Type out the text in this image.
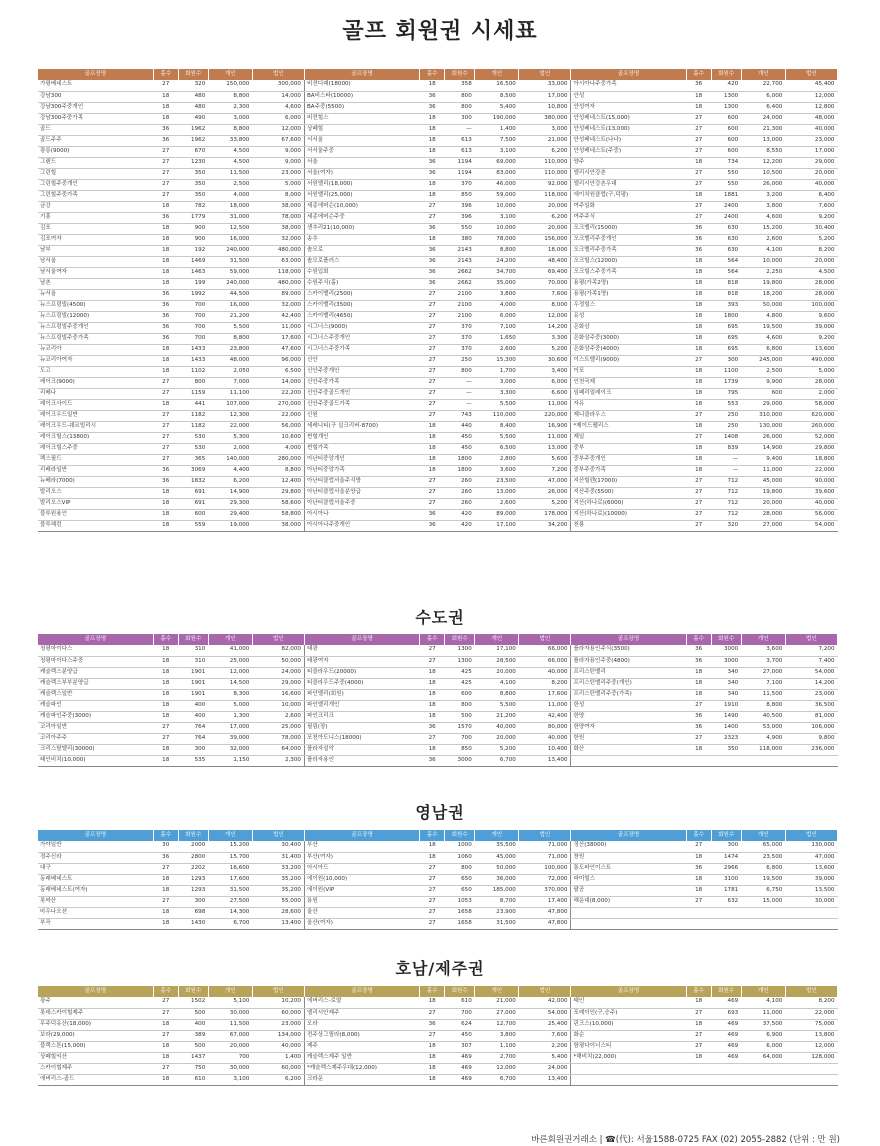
골프 회원권 시세표
골프장명	홀수	회원수	개인	법인	골프장명	홀수	회원수	개인	법인	골프장명	홀수	회원수	개인	법인
가평베네스트	27	320	150,000	300,000	비젼디래(18000)	18	358	16,500	33,000	아시아나주중가족	36	420	22,700	45,400
강남300	18	480	8,800	14,000	BA비스타(10000)	36	800	8,500	17,000	안성	18	1300	6,000	12,000
강남300주중개인	18	480	2,300	4,600	BA주중(5500)	36	800	5,400	10,800	안성여자	18	1300	6,400	12,800
강남300주중가족	18	490	3,000	6,000	비전힐스	18	300	190,000	380,000	안성베네스트(15,000)	27	600	24,000	48,000
골드	36	1962	8,800	12,000	상떼힐	18	—	1,400	3,000	안성베네스트(13,000)	27	600	21,300	40,000
골드주주	36	1962	33,800	67,600	서서울	18	613	7,500	21,000	안성베네스트(나나)	27	600	13,000	23,000
광릉(9000)	27	670	4,500	9,000	서서울주중	18	613	3,100	6,200	안성베네스트(주중)	27	600	8,550	17,000
그랜드	27	1230	4,500	9,000	서울	36	1194	69,000	110,000	양주	18	734	12,200	29,000
그린힐	27	350	11,500	23,000	서울(여자)	36	1194	83,000	110,000	엘리시안강촌	27	550	10,500	20,000
그린힐주중개인	27	350	2,500	5,000	서원밸리(18,000)	18	370	46,000	92,000	엘리시안강촌우대	27	550	26,000	40,000
그린힐주중가족	27	350	4,000	8,000	서원밸리(25,000)	18	850	59,000	118,000	에이치원클럽(구,덕평)	18	1881	3,200	6,400
금강	18	782	18,000	38,000	세종에머슨(10,000)	27	396	10,000	20,000	여주일화	27	2400	3,800	7,600
기흥	36	1779	31,000	78,000	세종에머슨주중	27	396	3,100	6,200	여주주식	27	2400	4,600	9,200
김포	18	900	12,500	38,000	센추리21(10,000)	36	550	10,000	20,000	오크밸리(15000)	36	630	15,200	30,400
김포여자	18	900	16,000	32,000	송추	18	380	78,000	156,000	오크밸리주중개인	36	630	2,600	5,200
남부	18	192	240,000	480,000	솔모로	36	2143	8,800	18,000	오크밸리주중가족	36	630	4,100	8,200
남서울	18	1469	31,500	63,000	솔모로플러스	36	2143	24,200	48,400	오크힐스(12000)	18	564	10,000	20,000
남서울여자	18	1463	59,000	118,000	수원입회	36	2662	34,700	69,400	오크힐스주중가족	18	564	2,250	4,500
남촌	18	199	240,000	480,000	수원주식(홀)	36	2662	35,000	70,000	용평(가족2명)	18	818	19,800	28,000
뉴서울	36	1992	44,500	89,000	스카이밸리(2500)	27	2100	3,800	7,600	용평(가족1명)	18	818	18,200	28,000
뉴스프링빌(4500)	36	700	16,000	32,000	스카이밸리(3500)	27	2100	4,000	8,000	우정힐스	18	393	50,000	100,000
뉴스프링빌(12000)	36	700	21,200	42,400	스카이밸리(4650)	27	2100	6,000	12,000	유성	18	1800	4,800	9,600
뉴스프링빌주중개인	36	700	5,500	11,000	시그너스(9000)	27	370	7,100	14,200	은화삼	18	695	19,500	39,000
뉴스프링빌주중가족	36	700	8,800	17,600	시그너스주중개인	27	370	1,650	3,300	은화삼주중(3000)	18	695	4,600	9,200
뉴코리아	18	1433	23,800	47,600	시그너스주중가족	27	370	2,600	5,200	은화삼주중(4000)	18	695	6,800	13,600
뉴코리아여자	18	1433	48,000	96,000	신안	27	250	15,300	30,600	이스트밸리(9000)	27	300	245,000	490,000
도고	18	1102	2,050	6,500	신안주중개인	27	800	1,700	3,400	이포	18	1100	2,500	5,000
레이크(9000)	27	800	7,000	14,000	신안주중가족	27	—	3,000	6,000	인천국제	18	1739	9,900	28,000
리베나	27	1159	11,100	22,200	신안주중골드개인	27	—	3,300	6,600	임페리얼레이크	18	795	600	2,000
레이크사이드	18	441	107,000	270,000	신안주중골드가족	27	—	5,500	11,000	자유	18	553	29,000	58,000
레이크우드일반	27	1182	12,300	22,000	신원	27	743	110,000	220,000	제니클라우스	27	250	310,000	620,000
레이크우드-쉐르빌리시	27	1182	22,000	56,000	세레니티(구 실크리버-8700)	18	440	8,400	16,900	*제이드팰리스	18	250	130,000	260,000
레이크힐스(13800)	27	530	5,300	10,600	썬힐개인	18	450	5,500	11,000	제일	27	1408	26,000	52,000
레이크힐스주중	27	530	2,000	4,000	썬힐가족	18	450	6,500	13,000	중부	18	839	14,900	29,800
렉스필드	27	365	140,000	280,000	아난티중앙개인	18	1800	2,800	5,600	중부주중개인	18	—	9,400	18,800
리베라일반	36	3069	4,400	8,800	아난티중앙가족	18	1800	3,600	7,200	중부주중가족	18	—	11,000	22,000
뉴베라(7000)	36	1832	6,200	12,400	아난티클럽서울주식방	27	260	23,500	47,000	지산힐렌(17000)	27	712	45,000	90,000
발리오스	18	691	14,900	29,800	아난티클럽서울분양급	27	260	13,000	26,000	지산주중(5500)	27	712	19,800	39,600
발리오스VIP	18	691	29,300	58,600	아난티클럽서울주중	27	260	2,600	5,200	지산(하나로)(6000)	27	712	20,000	40,000
블루원용인	18	600	29,400	58,800	아시아나	36	420	89,000	178,000	지산(하나로)(10000)	27	712	28,000	56,000
블루헤런	18	559	19,000	38,000	아시아나주중개인	36	420	17,100	34,200	천룡	27	320	27,000	54,000
수도권
골프장명	홀수	회원수	개인	법인	골프장명	홀수	회원수	개인	법인	골프장명	홀수	회원수	개인	법인
청평마이다스	18	310	41,000	82,000	태광	27	1300	17,100	66,000	플라자용인주식(3500)	36	3000	3,600	7,200
청평마이다스주중	18	310	25,000	50,000	태광여자	27	1300	28,500	66,000	플라자용인주중(4800)	36	3000	3,700	7,400
캐슬렉스분양급	18	1901	12,000	24,000	티클라우드(20000)	18	425	20,000	40,000	프리스틴밸리	18	340	27,000	54,000
캐슬렉스부부분양급	18	1901	14,500	29,000	티클라우드주중(4000)	18	425	4,100	8,200	프리스틴밸리주중(개인)	18	340	7,100	14,200
캐슬렉스일반	18	1901	8,300	16,600	파인밸리(회원)	18	600	8,800	17,600	프리스틴밸리주중(가족)	18	340	11,500	23,000
캐슬파인	18	400	5,000	10,000	파인밸리개인	18	800	5,500	11,000	한성	27	1910	8,800	36,500
캐슬파인주중(3000)	18	400	1,300	2,600	파인크리크	18	500	21,200	42,400	한양	36	1490	40,500	81,000
코리아일반	27	764	17,000	25,000	필림(장)	36	1570	40,000	80,000	한양여자	36	1400	53,000	106,000
코리아주주	27	764	39,000	78,000	포천아도니스(18000)	27	700	20,000	40,000	한원	27	2323	4,900	9,800
크리스탈밸리(30000)	18	300	32,000	64,000	플라자설악	18	850	5,200	10,400	화산	18	350	118,000	236,000
태인비치(10,000)	18	535	1,150	2,300	플라자용인	36	3000	6,700	13,400					
영남권
골프장명	홀수	회원수	개인	법인	골프장명	홀수	회원수	개인	법인	골프장명	홀수	회원수	개인	법인
가야일반	30	2000	15,200	30,400	부산	18	1000	35,500	71,000	정산(38000)	27	300	65,000	130,000
경주신라	36	2800	15,700	31,400	부산(여자)	18	1060	45,000	71,000	창원	18	1474	23,500	47,000
대구	27	2202	16,600	33,200	아시아드	27	800	50,000	100,000	통도파인이스트	36	2966	6,800	13,600
동래베네스트	18	1293	17,600	35,200	에이원(10,000)	27	650	36,000	72,000	파미힐스	18	3100	19,500	39,000
동래베네스트(여자)	18	1293	31,500	35,200	에이원(VIP	27	650	185,000	370,000	팔공	18	1781	6,750	13,500
롯싸산	27	300	27,500	55,000	용원	27	1053	8,700	17,400	해운대(8,000)	27	632	15,000	30,000
마우나오션	18	698	14,300	28,600	울산	27	1658	23,900	47,800					
부곡	18	1430	6,700	13,400	울산(여자)	27	1658	31,500	47,800					
호남/제주권
골프장명	홀수	회원수	개인	법인	골프장명	홀수	회원수	개인	법인	골프장명	홀수	회원수	개인	법인
광주	27	1502	5,100	10,200	에버리스-로얄	18	610	21,000	42,000	태인	18	469	4,100	8,200
롯데스카이힐제주	27	500	30,000	60,000	엘리시안제주	27	700	27,000	54,000	포레이인(구,승주)	27	693	11,000	22,000
무주덕유산(18,000)	18	400	11,500	23,000	오라	36	624	12,700	25,400	핀크스(10,000)	18	469	37,500	75,000
보라(29,000)	27	389	67,000	134,000	전주상그릴라(8,000)	27	450	3,800	7,600	화순	27	469	6,900	13,800
블랙스톤(15,000)	18	500	20,000	40,000	제주	18	307	1,100	2,200	함평다이너스티	27	469	6,000	12,000
상떼힐익산	18	1437	700	1,400	캐슬렉스제주 일반	18	469	2,700	5,400	*해비치(22,000)	18	469	64,000	128,000
스카이힐제주	27	750	30,000	60,000	*캐슬렉스제주우대(12,000)	18	469	12,000	24,000					
에버리스-골드	18	610	3,100	6,200	크라운	18	469	6,700	13,400					
바른회원권거래소 | ☎(代): 서울1588-0725 FAX (02) 2055-2882 (단위 : 만 원)
